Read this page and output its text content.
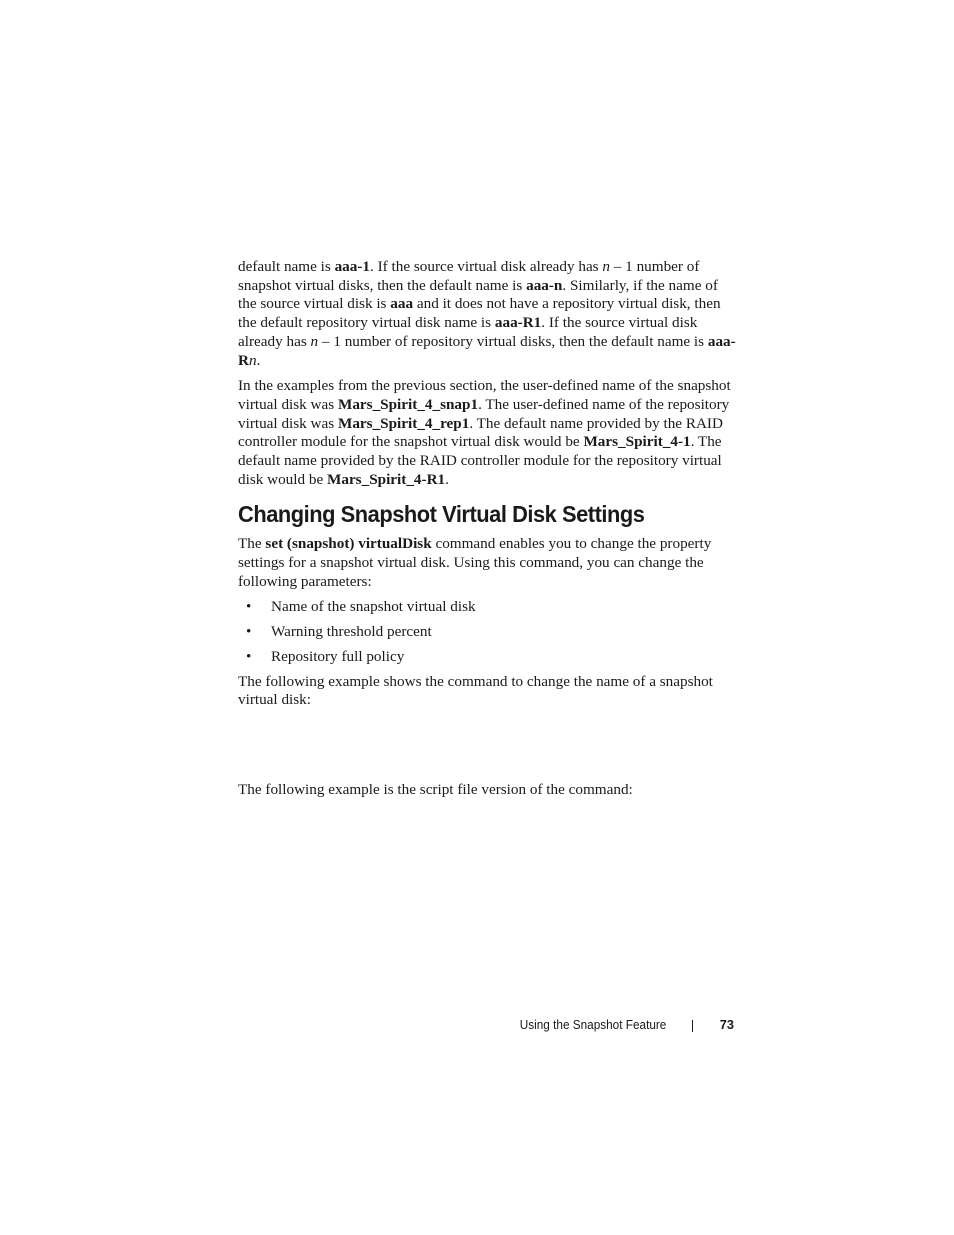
default name is aaa-1. If the source virtual disk already has n – 1 number of snapshot virtual disks, then the default name is aaa-n. Similarly, if the name of the source virtual disk is aaa and it does not have a repository virtual disk, then the default repository virtual disk name is aaa-R1. If the source virtual disk already has n – 1 number of repository virtual disks, then the default name is aaa-Rn.

In the examples from the previous section, the user-defined name of the snapshot virtual disk was Mars_Spirit_4_snap1. The user-defined name of the repository virtual disk was Mars_Spirit_4_rep1. The default name provided by the RAID controller module for the snapshot virtual disk would be Mars_Spirit_4-1. The default name provided by the RAID controller module for the repository virtual disk would be Mars_Spirit_4-R1.

Changing Snapshot Virtual Disk Settings

The set (snapshot) virtualDisk command enables you to change the property settings for a snapshot virtual disk. Using this command, you can change the following parameters:

• Name of the snapshot virtual disk
• Warning threshold percent
• Repository full policy

The following example shows the command to change the name of a snapshot virtual disk:

The following example is the script file version of the command:

Using the Snapshot Feature	73
